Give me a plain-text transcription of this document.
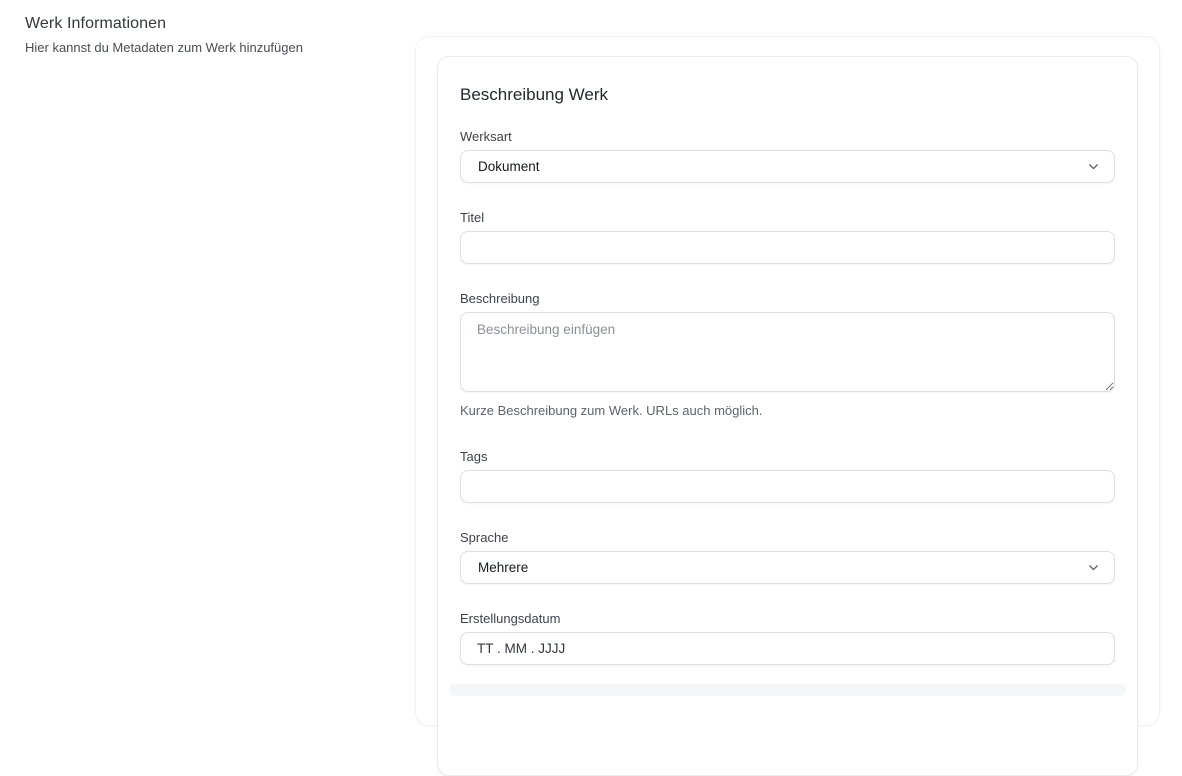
Werk Informationen

Hier kannst du Metadaten zum Werk hinzufügen

Beschreibung Werk
Werksart
Dokument
Titel
Beschreibung
Beschreibung einfügen

Kurze Beschreibung zum Werk. URLs auch möglich.

Tags
Sprache
Mehrere
Erstellungsdatum
TT . MM . JJJJ
